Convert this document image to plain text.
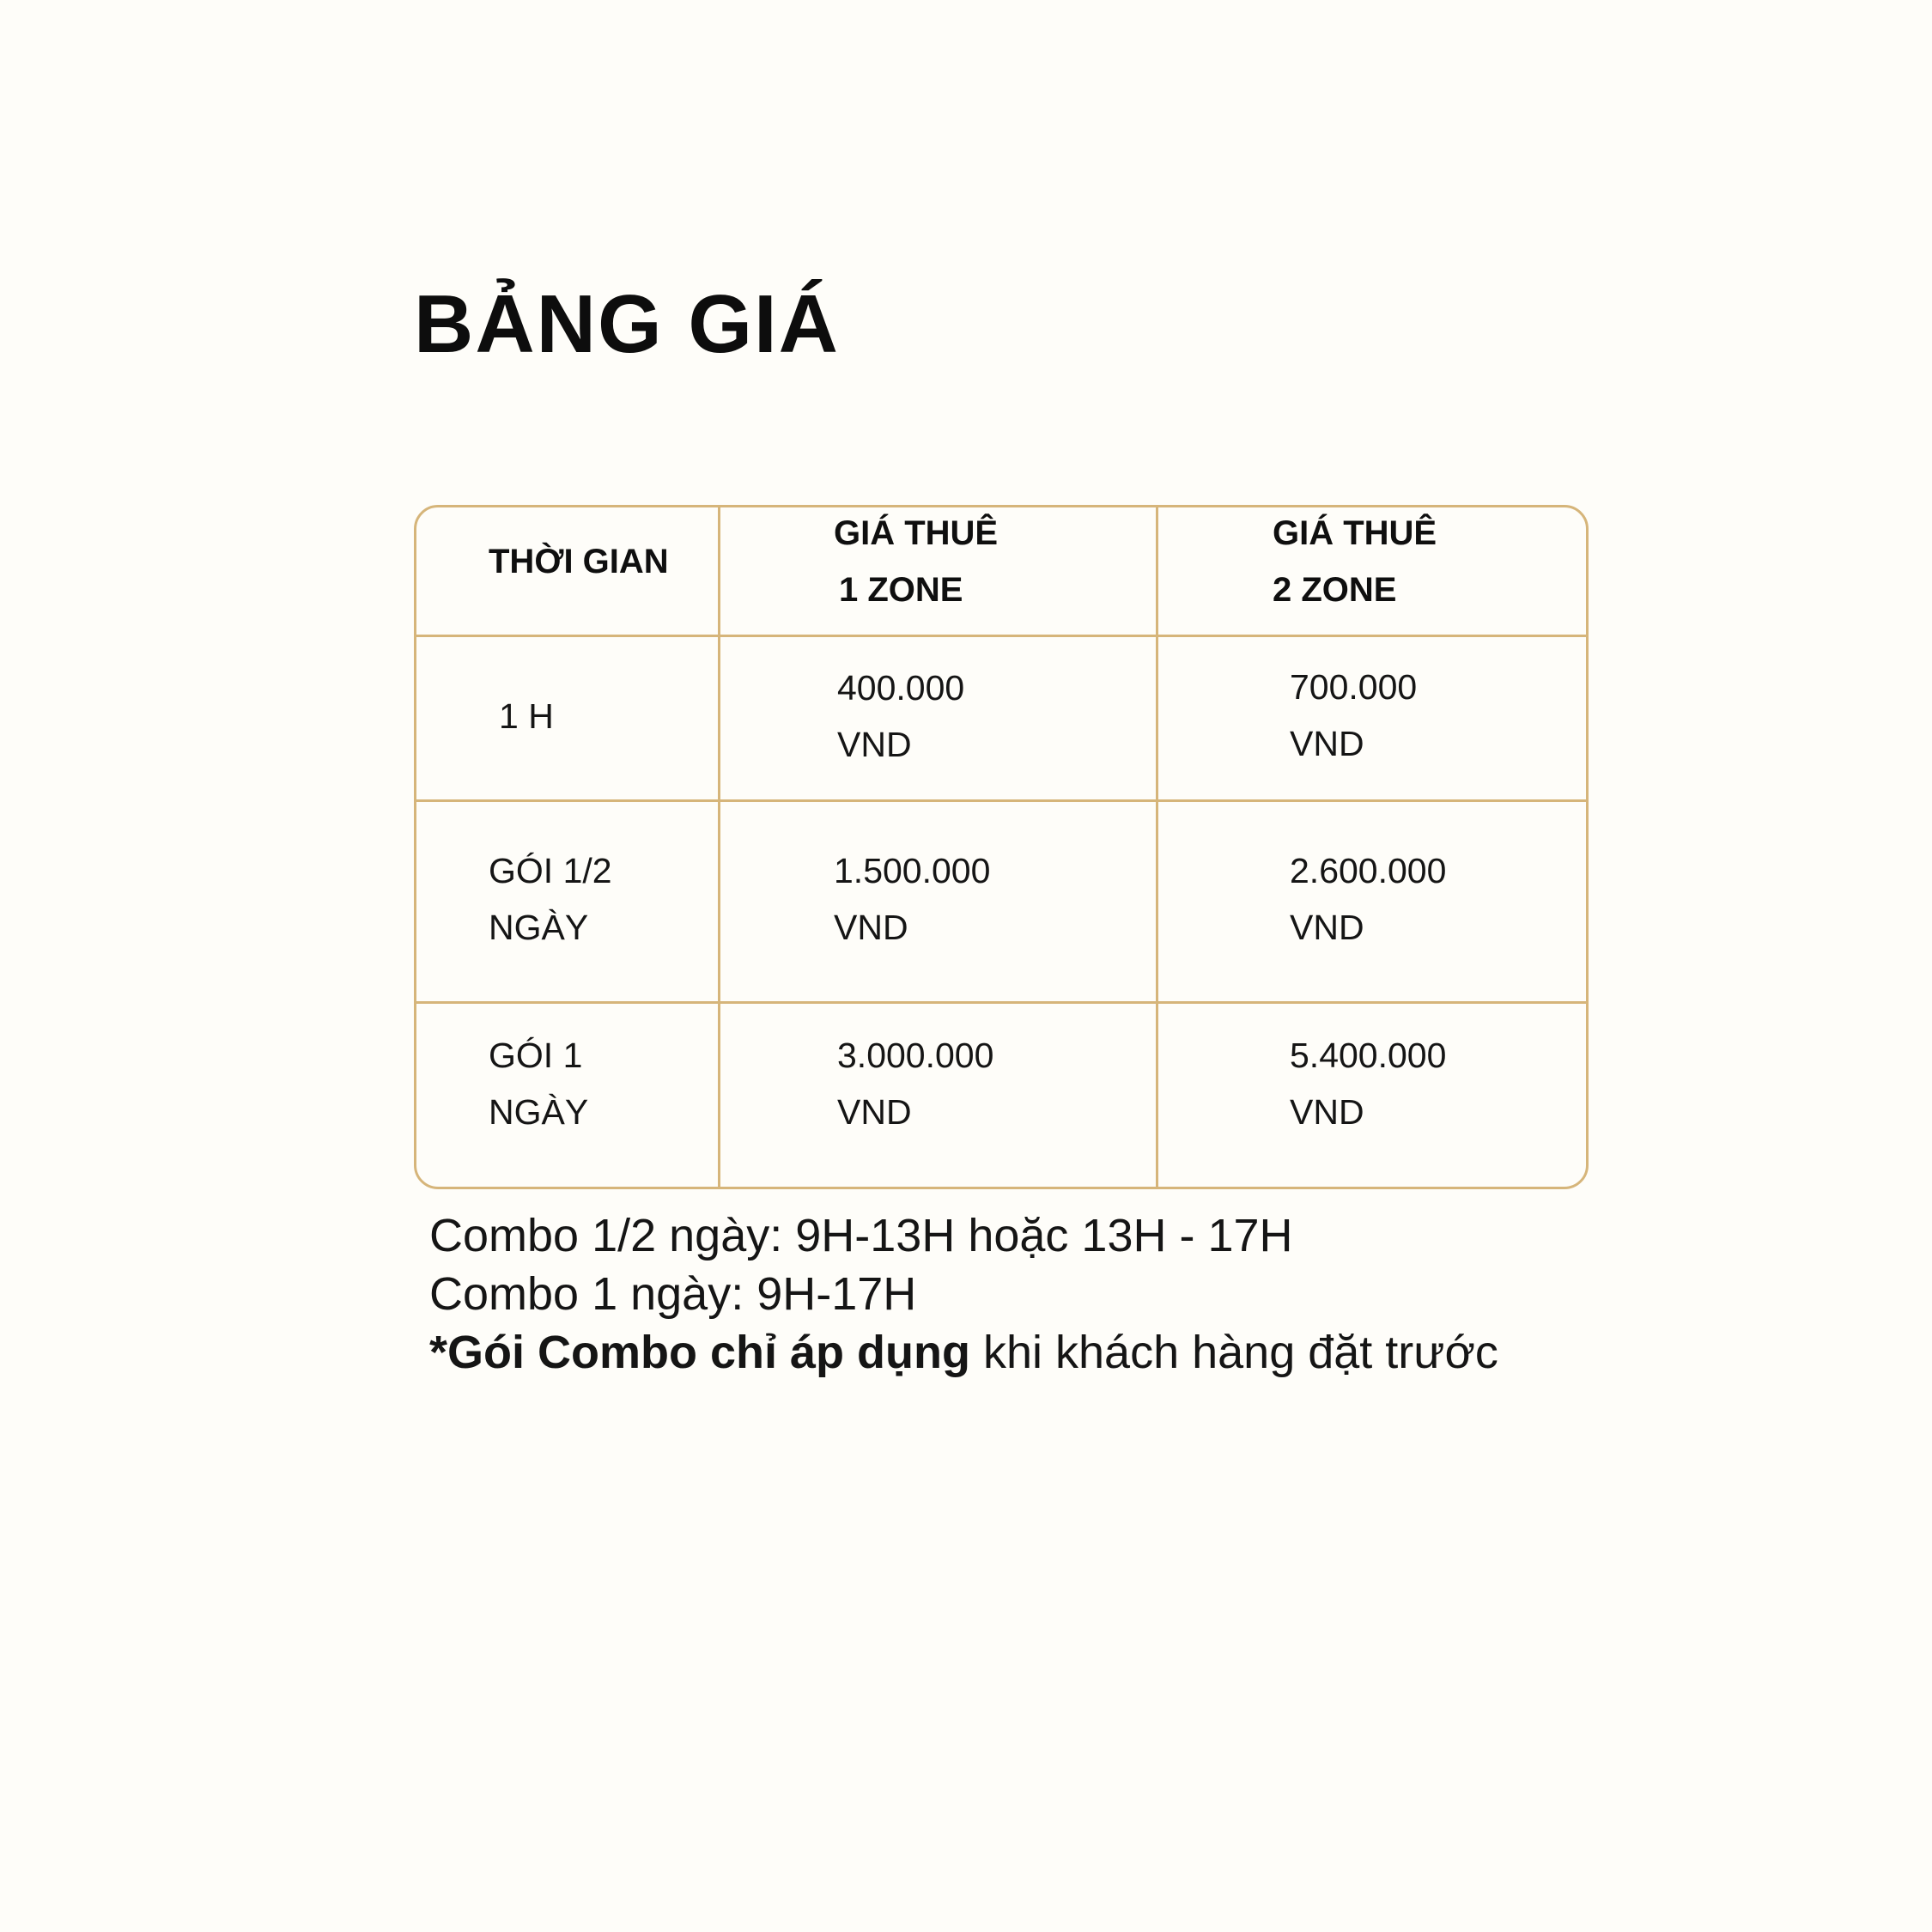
BẢNG GIÁ
THỜI GIAN
GIÁ THUÊ
1 ZONE
GIÁ THUÊ
2 ZONE
1 H
400.000
VND
700.000
VND
GÓI 1/2
NGÀY
1.500.000
VND
2.600.000
VND
GÓI 1
NGÀY
3.000.000
VND
5.400.000
VND
Combo 1/2 ngày: 9H-13H hoặc 13H - 17H
Combo 1 ngày: 9H-17H
*Gói Combo chỉ áp dụng khi khách hàng đặt trước
